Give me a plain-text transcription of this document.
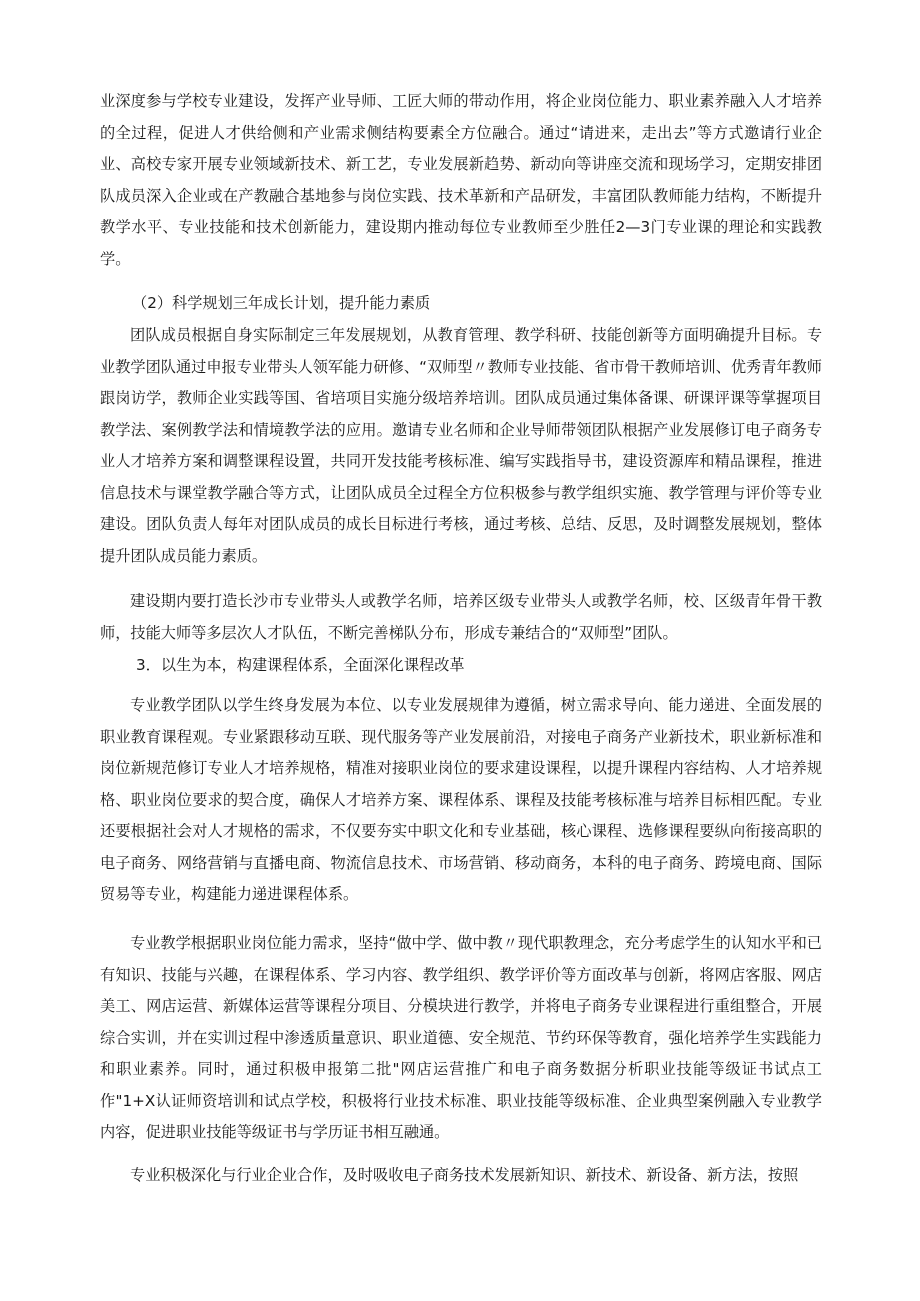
业深度参与学校专业建设，发挥产业导师、工匠大师的带动作用，将企业岗位能力、职业素养融入人才培养的全过程，促进人才供给侧和产业需求侧结构要素全方位融合。通过“请进来，走出去”等方式邀请行业企业、高校专家开展专业领域新技术、新工艺，专业发展新趋势、新动向等讲座交流和现场学习，定期安排团队成员深入企业或在产教融合基地参与岗位实践、技术革新和产品研发，丰富团队教师能力结构，不断提升教学水平、专业技能和技术创新能力，建设期内推动每位专业教师至少胜任2—3门专业课的理论和实践教学。

（2）科学规划三年成长计划，提升能力素质

团队成员根据自身实际制定三年发展规划，从教育管理、教学科研、技能创新等方面明确提升目标。专业教学团队通过申报专业带头人领军能力研修、“双师型〃教师专业技能、省市骨干教师培训、优秀青年教师跟岗访学，教师企业实践等国、省培项目实施分级培养培训。团队成员通过集体备课、研课评课等掌握项目教学法、案例教学法和情境教学法的应用。邀请专业名师和企业导师带领团队根据产业发展修订电子商务专业人才培养方案和调整课程设置，共同开发技能考核标准、编写实践指导书，建设资源库和精品课程，推进信息技术与课堂教学融合等方式，让团队成员全过程全方位积极参与教学组织实施、教学管理与评价等专业建设。团队负责人每年对团队成员的成长目标进行考核，通过考核、总结、反思，及时调整发展规划，整体提升团队成员能力素质。

建设期内要打造长沙市专业带头人或教学名师，培养区级专业带头人或教学名师，校、区级青年骨干教师，技能大师等多层次人才队伍，不断完善梯队分布，形成专兼结合的“双师型”团队。

3．以生为本，构建课程体系，全面深化课程改革

专业教学团队以学生终身发展为本位、以专业发展规律为遵循，树立需求导向、能力递进、全面发展的职业教育课程观。专业紧跟移动互联、现代服务等产业发展前沿，对接电子商务产业新技术，职业新标准和岗位新规范修订专业人才培养规格，精准对接职业岗位的要求建设课程，以提升课程内容结构、人才培养规格、职业岗位要求的契合度，确保人才培养方案、课程体系、课程及技能考核标准与培养目标相匹配。专业还要根据社会对人才规格的需求，不仅要夯实中职文化和专业基础，核心课程、选修课程要纵向衔接高职的电子商务、网络营销与直播电商、物流信息技术、市场营销、移动商务，本科的电子商务、跨境电商、国际贸易等专业，构建能力递进课程体系。

专业教学根据职业岗位能力需求，坚持“做中学、做中教〃现代职教理念，充分考虑学生的认知水平和已有知识、技能与兴趣，在课程体系、学习内容、教学组织、教学评价等方面改革与创新，将网店客服、网店美工、网店运营、新媒体运营等课程分项目、分模块进行教学，并将电子商务专业课程进行重组整合，开展综合实训，并在实训过程中渗透质量意识、职业道德、安全规范、节约环保等教育，强化培养学生实践能力和职业素养。同时，通过积极申报第二批"网店运营推广和电子商务数据分析职业技能等级证书试点工作"1+X认证师资培训和试点学校，积极将行业技术标准、职业技能等级标准、企业典型案例融入专业教学内容，促进职业技能等级证书与学历证书相互融通。

专业积极深化与行业企业合作，及时吸收电子商务技术发展新知识、新技术、新设备、新方法，按照
